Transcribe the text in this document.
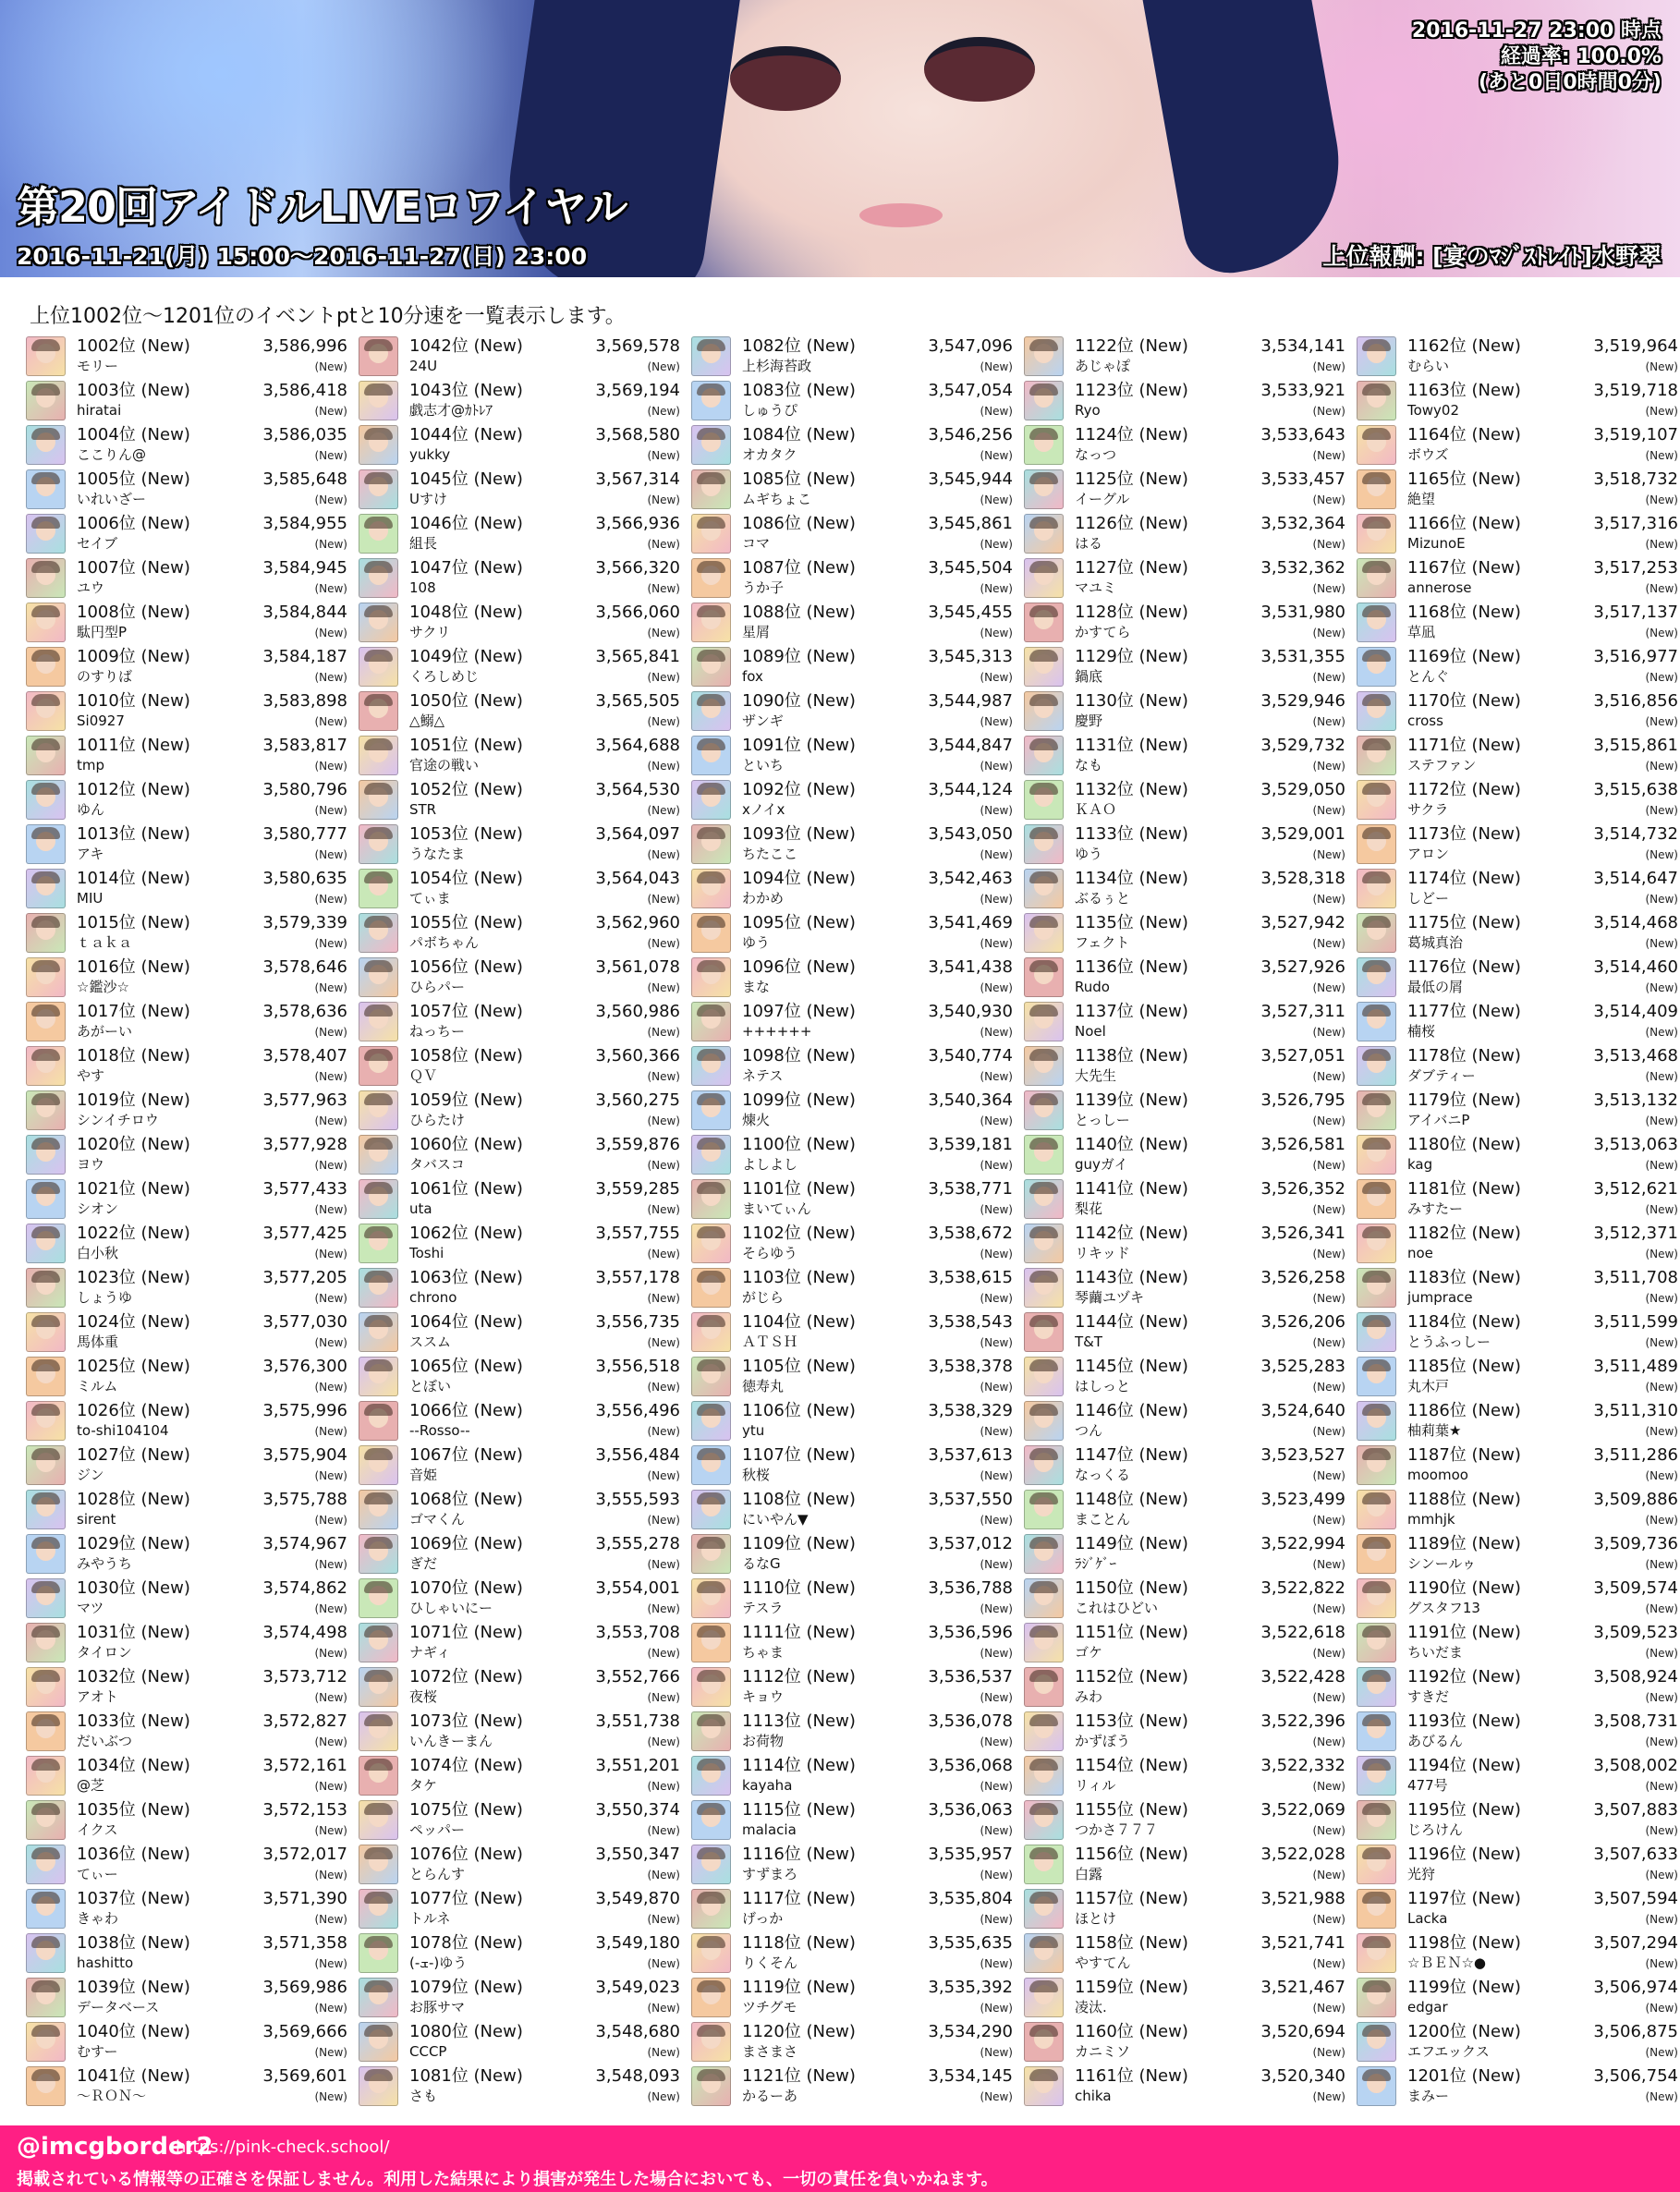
2016-11-27 23:00 時点
経過率: 100.0%
(あと0日0時間0分)
第20回アイドルLIVEロワイヤル
2016-11-21(月) 15:00〜2016-11-27(日) 23:00	上位報酬: [宴のﾏｼﾞｽﾄﾚｲﾄ]水野翠
上位1002位〜1201位のイベントptと10分速を一覧表示します。
1002位 (New)	3,586,996
モリー	(New)
1003位 (New)	3,586,418
hiratai	(New)
1004位 (New)	3,586,035
ここりん@	(New)
1005位 (New)	3,585,648
いれいざー	(New)
1006位 (New)	3,584,955
セイブ	(New)
1007位 (New)	3,584,945
ユウ	(New)
1008位 (New)	3,584,844
駄円型P	(New)
1009位 (New)	3,584,187
のすりば	(New)
1010位 (New)	3,583,898
Si0927	(New)
1011位 (New)	3,583,817
tmp	(New)
1012位 (New)	3,580,796
ゆん	(New)
1013位 (New)	3,580,777
アキ	(New)
1014位 (New)	3,580,635
MIU	(New)
1015位 (New)	3,579,339
ｔａｋａ	(New)
1016位 (New)	3,578,646
☆鑑沙☆	(New)
1017位 (New)	3,578,636
あがーい	(New)
1018位 (New)	3,578,407
やす	(New)
1019位 (New)	3,577,963
シンイチロウ	(New)
1020位 (New)	3,577,928
ヨウ	(New)
1021位 (New)	3,577,433
シオン	(New)
1022位 (New)	3,577,425
白小秋	(New)
1023位 (New)	3,577,205
しょうゆ	(New)
1024位 (New)	3,577,030
馬体重	(New)
1025位 (New)	3,576,300
ミルム	(New)
1026位 (New)	3,575,996
to-shi104104	(New)
1027位 (New)	3,575,904
ジン	(New)
1028位 (New)	3,575,788
sirent	(New)
1029位 (New)	3,574,967
みやうち	(New)
1030位 (New)	3,574,862
マツ	(New)
1031位 (New)	3,574,498
タイロン	(New)
1032位 (New)	3,573,712
アオト	(New)
1033位 (New)	3,572,827
だいぶつ	(New)
1034位 (New)	3,572,161
@芝	(New)
1035位 (New)	3,572,153
イクス	(New)
1036位 (New)	3,572,017
てぃー	(New)
1037位 (New)	3,571,390
きゃわ	(New)
1038位 (New)	3,571,358
hashitto	(New)
1039位 (New)	3,569,986
データベース	(New)
1040位 (New)	3,569,666
むすー	(New)
1041位 (New)	3,569,601
〜ＲＯＮ〜	(New)
1042位 (New)	3,569,578
24U	(New)
1043位 (New)	3,569,194
戯志才@ｶﾄﾚｱ	(New)
1044位 (New)	3,568,580
yukky	(New)
1045位 (New)	3,567,314
Uすけ	(New)
1046位 (New)	3,566,936
組長	(New)
1047位 (New)	3,566,320
108	(New)
1048位 (New)	3,566,060
サクリ	(New)
1049位 (New)	3,565,841
くろしめじ	(New)
1050位 (New)	3,565,505
△鰯△	(New)
1051位 (New)	3,564,688
官途の戦い	(New)
1052位 (New)	3,564,530
STR	(New)
1053位 (New)	3,564,097
うなたま	(New)
1054位 (New)	3,564,043
てぃま	(New)
1055位 (New)	3,562,960
パボちゃん	(New)
1056位 (New)	3,561,078
ひらパー	(New)
1057位 (New)	3,560,986
ねっちー	(New)
1058位 (New)	3,560,366
ＱＶ	(New)
1059位 (New)	3,560,275
ひらたけ	(New)
1060位 (New)	3,559,876
タバスコ	(New)
1061位 (New)	3,559,285
uta	(New)
1062位 (New)	3,557,755
Toshi	(New)
1063位 (New)	3,557,178
chrono	(New)
1064位 (New)	3,556,735
ススム	(New)
1065位 (New)	3,556,518
とぼい	(New)
1066位 (New)	3,556,496
--Rosso--	(New)
1067位 (New)	3,556,484
音姫	(New)
1068位 (New)	3,555,593
ゴマくん	(New)
1069位 (New)	3,555,278
ぎだ	(New)
1070位 (New)	3,554,001
ひしゃいにー	(New)
1071位 (New)	3,553,708
ナギィ	(New)
1072位 (New)	3,552,766
夜桜	(New)
1073位 (New)	3,551,738
いんきーまん	(New)
1074位 (New)	3,551,201
タケ	(New)
1075位 (New)	3,550,374
ペッパー	(New)
1076位 (New)	3,550,347
とらんす	(New)
1077位 (New)	3,549,870
トルネ	(New)
1078位 (New)	3,549,180
(-ܫ-)ゆう	(New)
1079位 (New)	3,549,023
お豚サマ	(New)
1080位 (New)	3,548,680
CCCP	(New)
1081位 (New)	3,548,093
さも	(New)
1082位 (New)	3,547,096
上杉海苔政	(New)
1083位 (New)	3,547,054
しゅうぴ	(New)
1084位 (New)	3,546,256
オカタク	(New)
1085位 (New)	3,545,944
ムギちょこ	(New)
1086位 (New)	3,545,861
コマ	(New)
1087位 (New)	3,545,504
うか子	(New)
1088位 (New)	3,545,455
星屑	(New)
1089位 (New)	3,545,313
fox	(New)
1090位 (New)	3,544,987
ザンギ	(New)
1091位 (New)	3,544,847
といち	(New)
1092位 (New)	3,544,124
xノイx	(New)
1093位 (New)	3,543,050
ちたここ	(New)
1094位 (New)	3,542,463
わかめ	(New)
1095位 (New)	3,541,469
ゆう	(New)
1096位 (New)	3,541,438
まな	(New)
1097位 (New)	3,540,930
++++++	(New)
1098位 (New)	3,540,774
ネテス	(New)
1099位 (New)	3,540,364
煉火	(New)
1100位 (New)	3,539,181
よしよし	(New)
1101位 (New)	3,538,771
まいてぃん	(New)
1102位 (New)	3,538,672
そらゆう	(New)
1103位 (New)	3,538,615
がじら	(New)
1104位 (New)	3,538,543
ＡＴＳＨ	(New)
1105位 (New)	3,538,378
徳寿丸	(New)
1106位 (New)	3,538,329
ytu	(New)
1107位 (New)	3,537,613
秋桜	(New)
1108位 (New)	3,537,550
にいやん▼	(New)
1109位 (New)	3,537,012
るなG	(New)
1110位 (New)	3,536,788
テスラ	(New)
1111位 (New)	3,536,596
ちゃま	(New)
1112位 (New)	3,536,537
キョウ	(New)
1113位 (New)	3,536,078
お荷物	(New)
1114位 (New)	3,536,068
kayaha	(New)
1115位 (New)	3,536,063
malacia	(New)
1116位 (New)	3,535,957
すずまろ	(New)
1117位 (New)	3,535,804
げっか	(New)
1118位 (New)	3,535,635
りくそん	(New)
1119位 (New)	3,535,392
ツチグモ	(New)
1120位 (New)	3,534,290
まさまさ	(New)
1121位 (New)	3,534,145
かるーあ	(New)
1122位 (New)	3,534,141
あじゃぽ	(New)
1123位 (New)	3,533,921
Ryo	(New)
1124位 (New)	3,533,643
なっつ	(New)
1125位 (New)	3,533,457
イーグル	(New)
1126位 (New)	3,532,364
はる	(New)
1127位 (New)	3,532,362
マユミ	(New)
1128位 (New)	3,531,980
かすてら	(New)
1129位 (New)	3,531,355
鍋底	(New)
1130位 (New)	3,529,946
慶野	(New)
1131位 (New)	3,529,732
なも	(New)
1132位 (New)	3,529,050
ＫＡＯ	(New)
1133位 (New)	3,529,001
ゆう	(New)
1134位 (New)	3,528,318
ぶるぅと	(New)
1135位 (New)	3,527,942
フェクト	(New)
1136位 (New)	3,527,926
Rudo	(New)
1137位 (New)	3,527,311
Noel	(New)
1138位 (New)	3,527,051
大先生	(New)
1139位 (New)	3,526,795
とっしー	(New)
1140位 (New)	3,526,581
guyガイ	(New)
1141位 (New)	3,526,352
梨花	(New)
1142位 (New)	3,526,341
リキッド	(New)
1143位 (New)	3,526,258
琴繭ユヅキ	(New)
1144位 (New)	3,526,206
T&T	(New)
1145位 (New)	3,525,283
はしっと	(New)
1146位 (New)	3,524,640
つん	(New)
1147位 (New)	3,523,527
なっくる	(New)
1148位 (New)	3,523,499
まことん	(New)
1149位 (New)	3,522,994
ﾗｼﾞｹﾞｰ	(New)
1150位 (New)	3,522,822
これはひどい	(New)
1151位 (New)	3,522,618
ゴケ	(New)
1152位 (New)	3,522,428
みわ	(New)
1153位 (New)	3,522,396
かずぼう	(New)
1154位 (New)	3,522,332
リィル	(New)
1155位 (New)	3,522,069
つかさ７７７	(New)
1156位 (New)	3,522,028
白露	(New)
1157位 (New)	3,521,988
ほとけ	(New)
1158位 (New)	3,521,741
やすてん	(New)
1159位 (New)	3,521,467
凌汰.	(New)
1160位 (New)	3,520,694
カニミソ	(New)
1161位 (New)	3,520,340
chika	(New)
1162位 (New)	3,519,964
むらい	(New)
1163位 (New)	3,519,718
Towy02	(New)
1164位 (New)	3,519,107
ボウズ	(New)
1165位 (New)	3,518,732
絶望	(New)
1166位 (New)	3,517,316
MizunoE	(New)
1167位 (New)	3,517,253
annerose	(New)
1168位 (New)	3,517,137
草凪	(New)
1169位 (New)	3,516,977
とんぐ	(New)
1170位 (New)	3,516,856
cross	(New)
1171位 (New)	3,515,861
ステファン	(New)
1172位 (New)	3,515,638
サクラ	(New)
1173位 (New)	3,514,732
アロン	(New)
1174位 (New)	3,514,647
しどー	(New)
1175位 (New)	3,514,468
葛城真治	(New)
1176位 (New)	3,514,460
最低の屑	(New)
1177位 (New)	3,514,409
楠桜	(New)
1178位 (New)	3,513,468
ダブティー	(New)
1179位 (New)	3,513,132
アイバニP	(New)
1180位 (New)	3,513,063
kag	(New)
1181位 (New)	3,512,621
みすたー	(New)
1182位 (New)	3,512,371
noe	(New)
1183位 (New)	3,511,708
jumprace	(New)
1184位 (New)	3,511,599
とうふっしー	(New)
1185位 (New)	3,511,489
丸木戸	(New)
1186位 (New)	3,511,310
柚莉葉★	(New)
1187位 (New)	3,511,286
moomoo	(New)
1188位 (New)	3,509,886
mmhjk	(New)
1189位 (New)	3,509,736
シンールゥ	(New)
1190位 (New)	3,509,574
グスタフ13	(New)
1191位 (New)	3,509,523
ちいだま	(New)
1192位 (New)	3,508,924
すきだ	(New)
1193位 (New)	3,508,731
あびるん	(New)
1194位 (New)	3,508,002
477号	(New)
1195位 (New)	3,507,883
じろけん	(New)
1196位 (New)	3,507,633
光狩	(New)
1197位 (New)	3,507,594
Lacka	(New)
1198位 (New)	3,507,294
☆ＢＥＮ☆●	(New)
1199位 (New)	3,506,974
edgar	(New)
1200位 (New)	3,506,875
エフエックス	(New)
1201位 (New)	3,506,754
まみー	(New)
@imcgborder2
https://pink-check.school/
掲載されている情報等の正確さを保証しません。利用した結果により損害が発生した場合においても、一切の責任を負いかねます。
